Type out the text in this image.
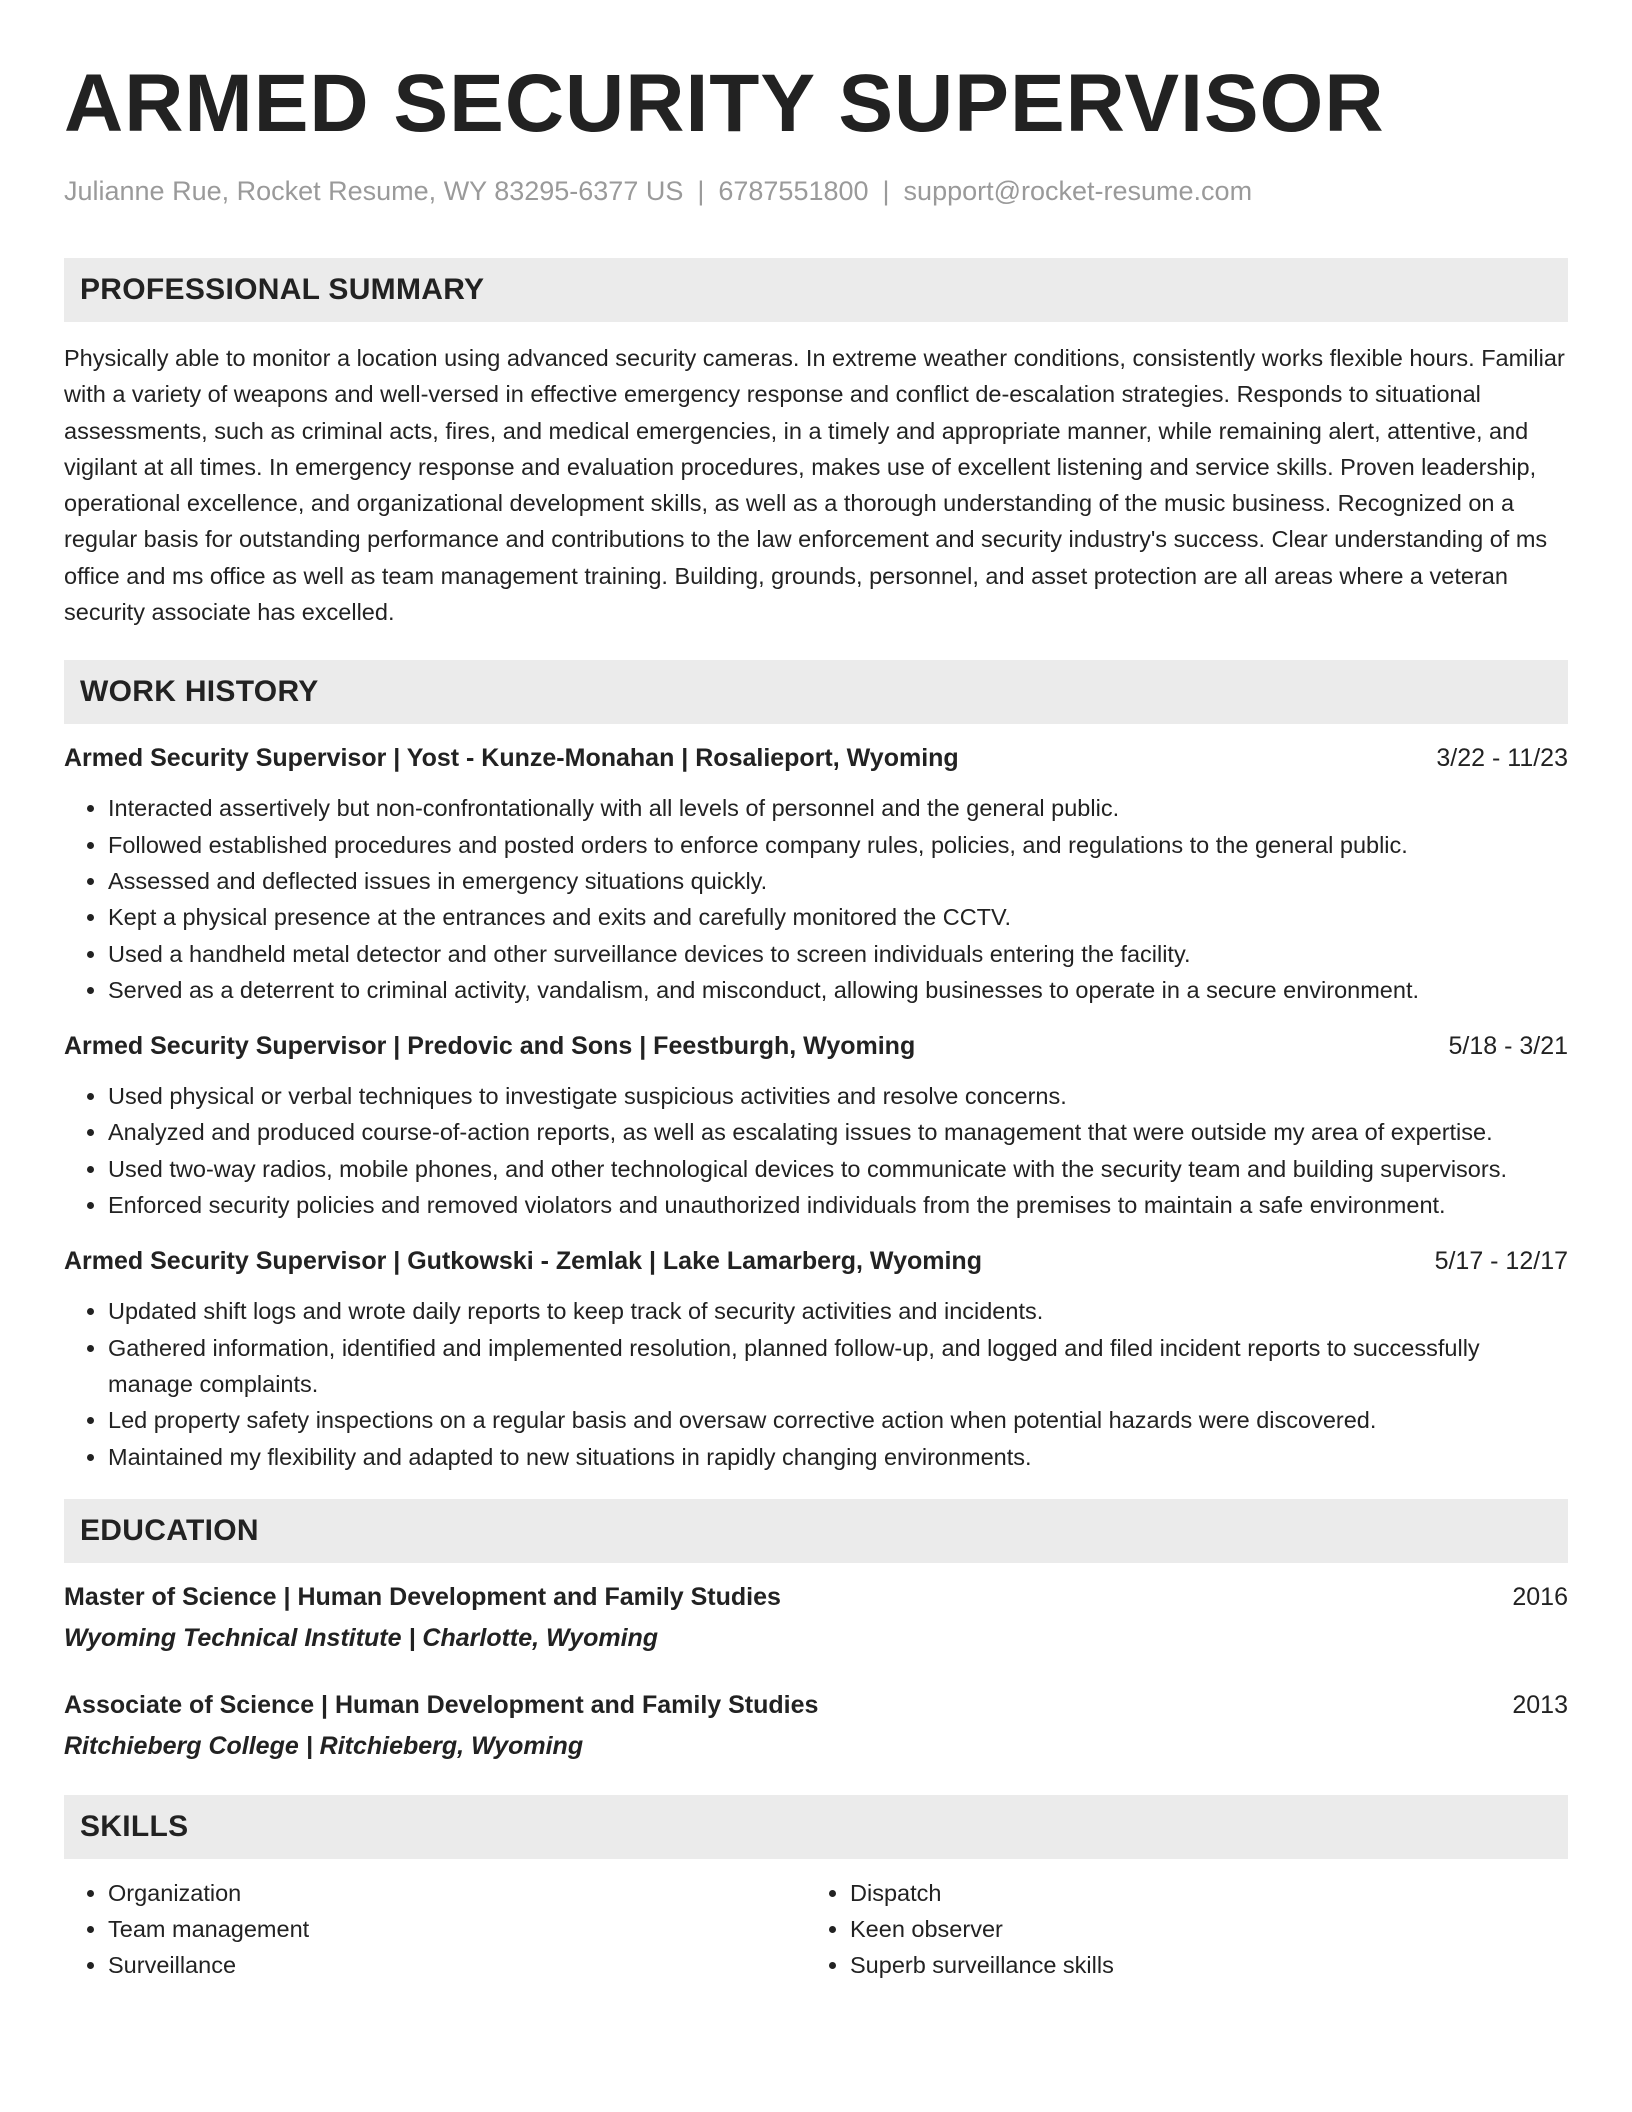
ARMED SECURITY SUPERVISOR
Julianne Rue, Rocket Resume, WY 83295-6377 US | 6787551800 | support@rocket-resume.com
PROFESSIONAL SUMMARY

Physically able to monitor a location using advanced security cameras. In extreme weather conditions, consistently works flexible hours. Familiar with a variety of weapons and well-versed in effective emergency response and conflict de-escalation strategies. Responds to situational assessments, such as criminal acts, fires, and medical emergencies, in a timely and appropriate manner, while remaining alert, attentive, and vigilant at all times. In emergency response and evaluation procedures, makes use of excellent listening and service skills. Proven leadership, operational excellence, and organizational development skills, as well as a thorough understanding of the music business. Recognized on a regular basis for outstanding performance and contributions to the law enforcement and security industry's success. Clear understanding of ms office and ms office as well as team management training. Building, grounds, personnel, and asset protection are all areas where a veteran security associate has excelled.

WORK HISTORY
Armed Security Supervisor | Yost - Kunze-Monahan | Rosalieport, Wyoming	3/22 - 11/23
• Interacted assertively but non-confrontationally with all levels of personnel and the general public.
• Followed established procedures and posted orders to enforce company rules, policies, and regulations to the general public.
• Assessed and deflected issues in emergency situations quickly.
• Kept a physical presence at the entrances and exits and carefully monitored the CCTV.
• Used a handheld metal detector and other surveillance devices to screen individuals entering the facility.
• Served as a deterrent to criminal activity, vandalism, and misconduct, allowing businesses to operate in a secure environment.
Armed Security Supervisor | Predovic and Sons | Feestburgh, Wyoming	5/18 - 3/21
• Used physical or verbal techniques to investigate suspicious activities and resolve concerns.
• Analyzed and produced course-of-action reports, as well as escalating issues to management that were outside my area of expertise.
• Used two-way radios, mobile phones, and other technological devices to communicate with the security team and building supervisors.
• Enforced security policies and removed violators and unauthorized individuals from the premises to maintain a safe environment.
Armed Security Supervisor | Gutkowski - Zemlak | Lake Lamarberg, Wyoming	5/17 - 12/17
• Updated shift logs and wrote daily reports to keep track of security activities and incidents.
• Gathered information, identified and implemented resolution, planned follow-up, and logged and filed incident reports to successfully manage complaints.
• Led property safety inspections on a regular basis and oversaw corrective action when potential hazards were discovered.
• Maintained my flexibility and adapted to new situations in rapidly changing environments.
EDUCATION
Master of Science | Human Development and Family Studies	2016
Wyoming Technical Institute | Charlotte, Wyoming
Associate of Science | Human Development and Family Studies	2013
Ritchieberg College | Ritchieberg, Wyoming
SKILLS
• Organization
• Team management
• Surveillance
• Dispatch
• Keen observer
• Superb surveillance skills
